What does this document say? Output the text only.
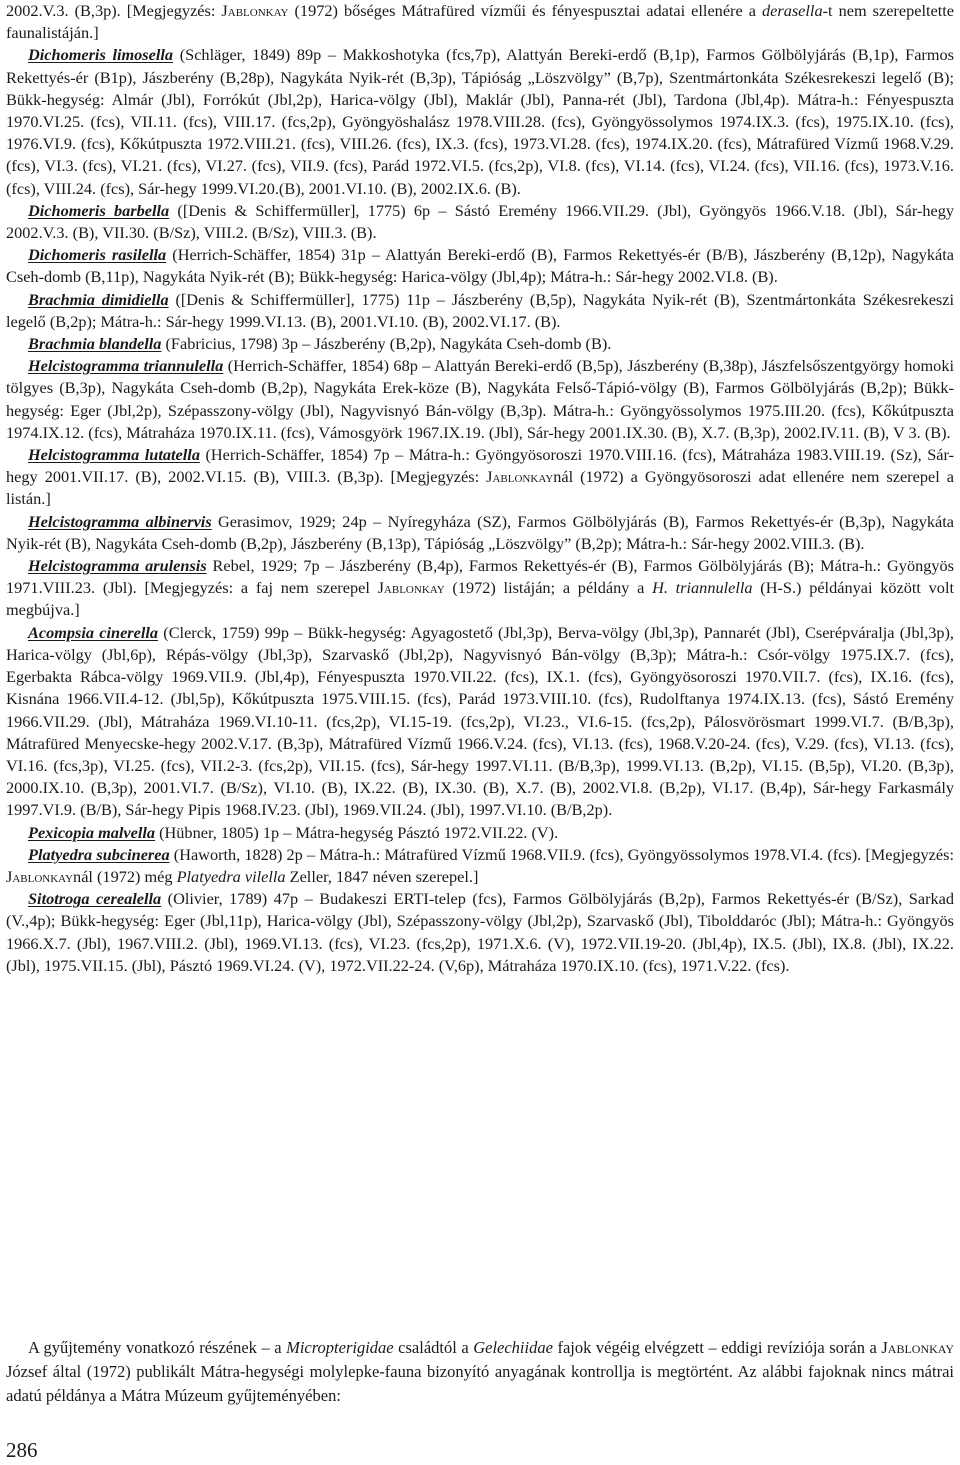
2002.V.3. (B,3p). [Megjegyzés: Jablonkay (1972) bőséges Mátrafüred vízműi és fényespusztai adatai ellenére a derasella-t nem szerepeltette faunalistáján.]

Dichomeris limosella (Schläger, 1849) 89p – Makkoshotyka (fcs,7p), Alattyán Bereki-erdő (B,1p), Farmos Gölbölyjárás (B,1p), Farmos Rekettyés-ér (B1p), Jászberény (B,28p), Nagykáta Nyik-rét (B,3p), Tápióság „Löszvölgy” (B,7p), Szentmártonkáta Székesrekeszi legelő (B); Bükk-hegység: Almár (Jbl), Forrókút (Jbl,2p), Harica-völgy (Jbl), Maklár (Jbl), Panna-rét (Jbl), Tardona (Jbl,4p). Mátra-h.: Fényespuszta 1970.VI.25. (fcs), VII.11. (fcs), VIII.17. (fcs,2p), Gyöngyöshalász 1978.VIII.28. (fcs), Gyöngyössolymos 1974.IX.3. (fcs), 1975.IX.10. (fcs), 1976.VI.9. (fcs), Kőkútpuszta 1972.VIII.21. (fcs), VIII.26. (fcs), IX.3. (fcs), 1973.VI.28. (fcs), 1974.IX.20. (fcs), Mátrafüred Vízmű 1968.V.29. (fcs), VI.3. (fcs), VI.21. (fcs), VI.27. (fcs), VII.9. (fcs), Parád 1972.VI.5. (fcs,2p), VI.8. (fcs), VI.14. (fcs), VI.24. (fcs), VII.16. (fcs), 1973.V.16. (fcs), VIII.24. (fcs), Sár-hegy 1999.VI.20.(B), 2001.VI.10. (B), 2002.IX.6. (B).

Dichomeris barbella ([Denis & Schiffermüller], 1775) 6p – Sástó Eremény 1966.VII.29. (Jbl), Gyöngyös 1966.V.18. (Jbl), Sár-hegy 2002.V.3. (B), VII.30. (B/Sz), VIII.2. (B/Sz), VIII.3. (B).

Dichomeris rasilella (Herrich-Schäffer, 1854) 31p – Alattyán Bereki-erdő (B), Farmos Rekettyés-ér (B/B), Jászberény (B,12p), Nagykáta Cseh-domb (B,11p), Nagykáta Nyik-rét (B); Bükk-hegység: Harica-völgy (Jbl,4p); Mátra-h.: Sár-hegy 2002.VI.8. (B).

Brachmia dimidiella ([Denis & Schiffermüller], 1775) 11p – Jászberény (B,5p), Nagykáta Nyik-rét (B), Szentmártonkáta Székesrekeszi legelő (B,2p); Mátra-h.: Sár-hegy 1999.VI.13. (B), 2001.VI.10. (B), 2002.VI.17. (B).

Brachmia blandella (Fabricius, 1798) 3p – Jászberény (B,2p), Nagykáta Cseh-domb (B).

Helcistogramma triannulella (Herrich-Schäffer, 1854) 68p – Alattyán Bereki-erdő (B,5p), Jászberény (B,38p), Jászfelsőszentgyörgy homoki tölgyes (B,3p), Nagykáta Cseh-domb (B,2p), Nagykáta Erek-köze (B), Nagykáta Felső-Tápió-völgy (B), Farmos Gölbölyjárás (B,2p); Bükk-hegység: Eger (Jbl,2p), Szépasszony-völgy (Jbl), Nagyvisnyó Bán-völgy (B,3p). Mátra-h.: Gyöngyössolymos 1975.III.20. (fcs), Kőkútpuszta 1974.IX.12. (fcs), Mátraháza 1970.IX.11. (fcs), Vámosgyörk 1967.IX.19. (Jbl), Sár-hegy 2001.IX.30. (B), X.7. (B,3p), 2002.IV.11. (B), V 3. (B).

Helcistogramma lutatella (Herrich-Schäffer, 1854) 7p – Mátra-h.: Gyöngyösoroszi 1970.VIII.16. (fcs), Mátraháza 1983.VIII.19. (Sz), Sár-hegy 2001.VII.17. (B), 2002.VI.15. (B), VIII.3. (B,3p). [Megjegyzés: Jablonkaynál (1972) a Gyöngyösoroszi adat ellenére nem szerepel a listán.]

Helcistogramma albinervis Gerasimov, 1929; 24p – Nyíregyháza (SZ), Farmos Gölbölyjárás (B), Farmos Rekettyés-ér (B,3p), Nagykáta Nyik-rét (B), Nagykáta Cseh-domb (B,2p), Jászberény (B,13p), Tápióság „Löszvölgy” (B,2p); Mátra-h.: Sár-hegy 2002.VIII.3. (B).

Helcistogramma arulensis Rebel, 1929; 7p – Jászberény (B,4p), Farmos Rekettyés-ér (B), Farmos Gölbölyjárás (B); Mátra-h.: Gyöngyös 1971.VIII.23. (Jbl). [Megjegyzés: a faj nem szerepel Jablonkay (1972) listáján; a példány a H. triannulella (H-S.) példányai között volt megbújva.]

Acompsia cinerella (Clerck, 1759) 99p – Bükk-hegység: Agyagostető (Jbl,3p), Berva-völgy (Jbl,3p), Pannarét (Jbl), Cserépváralja (Jbl,3p), Harica-völgy (Jbl,6p), Répás-völgy (Jbl,3p), Szarvaskő (Jbl,2p), Nagyvisnyó Bán-völgy (B,3p); Mátra-h.: Csór-völgy 1975.IX.7. (fcs), Egerbakta Rábca-völgy 1969.VII.9. (Jbl,4p), Fényespuszta 1970.VII.22. (fcs), IX.1. (fcs), Gyöngyösoroszi 1970.VII.7. (fcs), IX.16. (fcs), Kisnána 1966.VII.4-12. (Jbl,5p), Kőkútpuszta 1975.VIII.15. (fcs), Parád 1973.VIII.10. (fcs), Rudolftanya 1974.IX.13. (fcs), Sástó Eremény 1966.VII.29. (Jbl), Mátraháza 1969.VI.10-11. (fcs,2p), VI.15-19. (fcs,2p), VI.23., VI.6-15. (fcs,2p), Pálosvörösmart 1999.VI.7. (B/B,3p), Mátrafüred Menyecske-hegy 2002.V.17. (B,3p), Mátrafüred Vízmű 1966.V.24. (fcs), VI.13. (fcs), 1968.V.20-24. (fcs), V.29. (fcs), VI.13. (fcs), VI.16. (fcs,3p), VI.25. (fcs), VII.2-3. (fcs,2p), VII.15. (fcs), Sár-hegy 1997.VI.11. (B/B,3p), 1999.VI.13. (B,2p), VI.15. (B,5p), VI.20. (B,3p), 2000.IX.10. (B,3p), 2001.VI.7. (B/Sz), VI.10. (B), IX.22. (B), IX.30. (B), X.7. (B), 2002.VI.8. (B,2p), VI.17. (B,4p), Sár-hegy Farkasmály 1997.VI.9. (B/B), Sár-hegy Pipis 1968.IV.23. (Jbl), 1969.VII.24. (Jbl), 1997.VI.10. (B/B,2p).

Pexicopia malvella (Hübner, 1805) 1p – Mátra-hegység Pásztó 1972.VII.22. (V).

Platyedra subcinerea (Haworth, 1828) 2p – Mátra-h.: Mátrafüred Vízmű 1968.VII.9. (fcs), Gyöngyössolymos 1978.VI.4. (fcs). [Megjegyzés: Jablonkaynál (1972) még Platyedra vilella Zeller, 1847 néven szerepel.]

Sitotroga cerealella (Olivier, 1789) 47p – Budakeszi ERTI-telep (fcs), Farmos Gölbölyjárás (B,2p), Farmos Rekettyés-ér (B/Sz), Sarkad (V.,4p); Bükk-hegység: Eger (Jbl,11p), Harica-völgy (Jbl), Szépasszony-völgy (Jbl,2p), Szarvaskő (Jbl), Tibolddaróc (Jbl); Mátra-h.: Gyöngyös 1966.X.7. (Jbl), 1967.VIII.2. (Jbl), 1969.VI.13. (fcs), VI.23. (fcs,2p), 1971.X.6. (V), 1972.VII.19-20. (Jbl,4p), IX.5. (Jbl), IX.8. (Jbl), IX.22. (Jbl), 1975.VII.15. (Jbl), Pásztó 1969.VI.24. (V), 1972.VII.22-24. (V,6p), Mátraháza 1970.IX.10. (fcs), 1971.V.22. (fcs).

A gyűjtemény vonatkozó részének – a Micropterigidae családtól a Gelechiidae fajok végéig elvégzett – eddigi revíziója során a Jablonkay József által (1972) publikált Mátra-hegységi molylepke-fauna bizonyító anyagának kontrollja is megtörtént. Az alábbi fajoknak nincs mátrai adatú példánya a Mátra Múzeum gyűjteményében:

286
